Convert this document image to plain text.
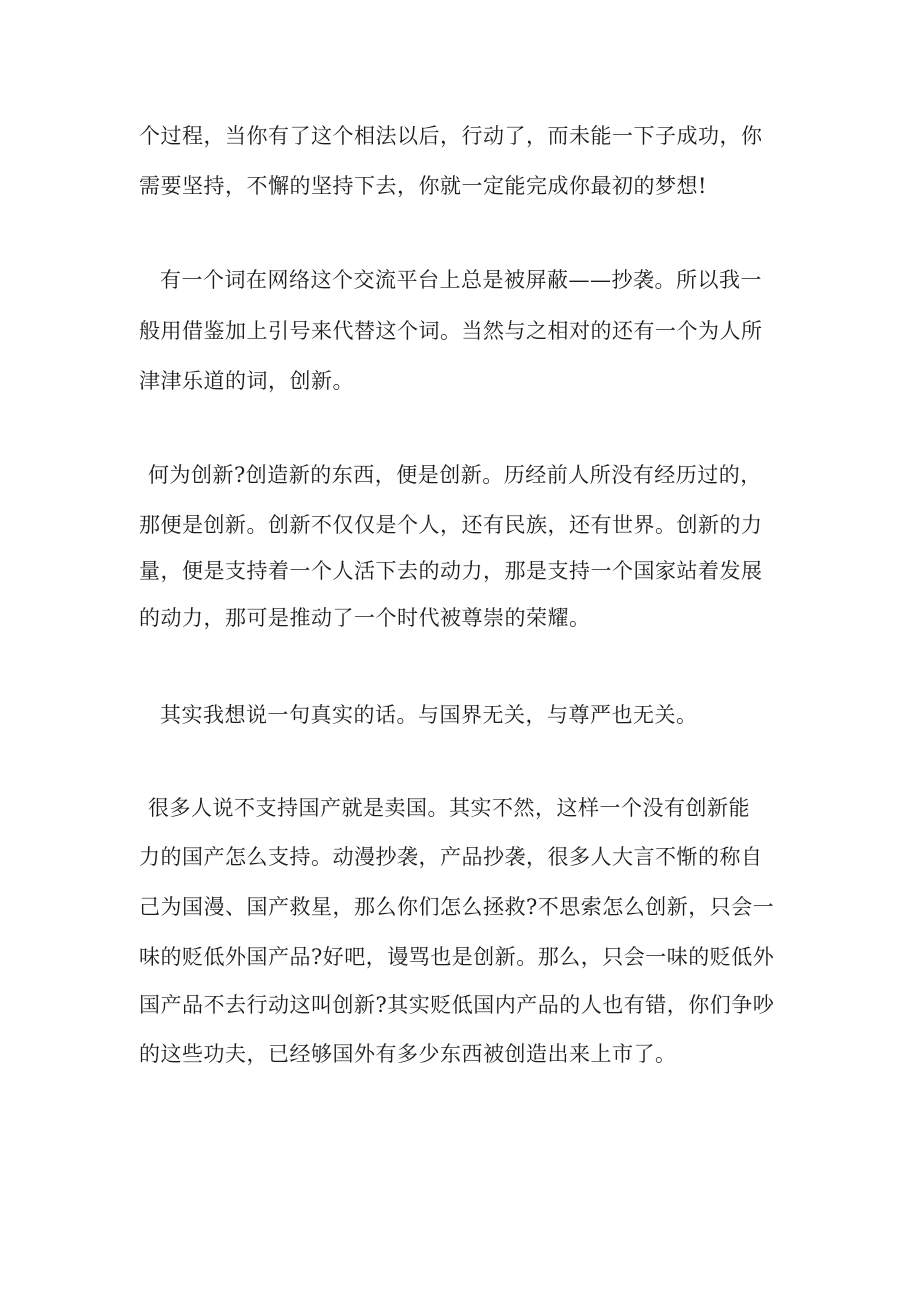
个过程，当你有了这个相法以后，行动了，而未能一下子成功，你

需要坚持，不懈的坚持下去，你就一定能完成你最初的梦想!

有一个词在网络这个交流平台上总是被屏蔽——抄袭。所以我一

般用借鉴加上引号来代替这个词。当然与之相对的还有一个为人所

津津乐道的词，创新。

何为创新?创造新的东西，便是创新。历经前人所没有经历过的，

那便是创新。创新不仅仅是个人，还有民族，还有世界。创新的力

量，便是支持着一个人活下去的动力，那是支持一个国家站着发展

的动力，那可是推动了一个时代被尊崇的荣耀。

其实我想说一句真实的话。与国界无关，与尊严也无关。

很多人说不支持国产就是卖国。其实不然，这样一个没有创新能

力的国产怎么支持。动漫抄袭，产品抄袭，很多人大言不惭的称自

己为国漫、国产救星，那么你们怎么拯救?不思索怎么创新，只会一

味的贬低外国产品?好吧，谩骂也是创新。那么，只会一味的贬低外

国产品不去行动这叫创新?其实贬低国内产品的人也有错，你们争吵

的这些功夫，已经够国外有多少东西被创造出来上市了。
